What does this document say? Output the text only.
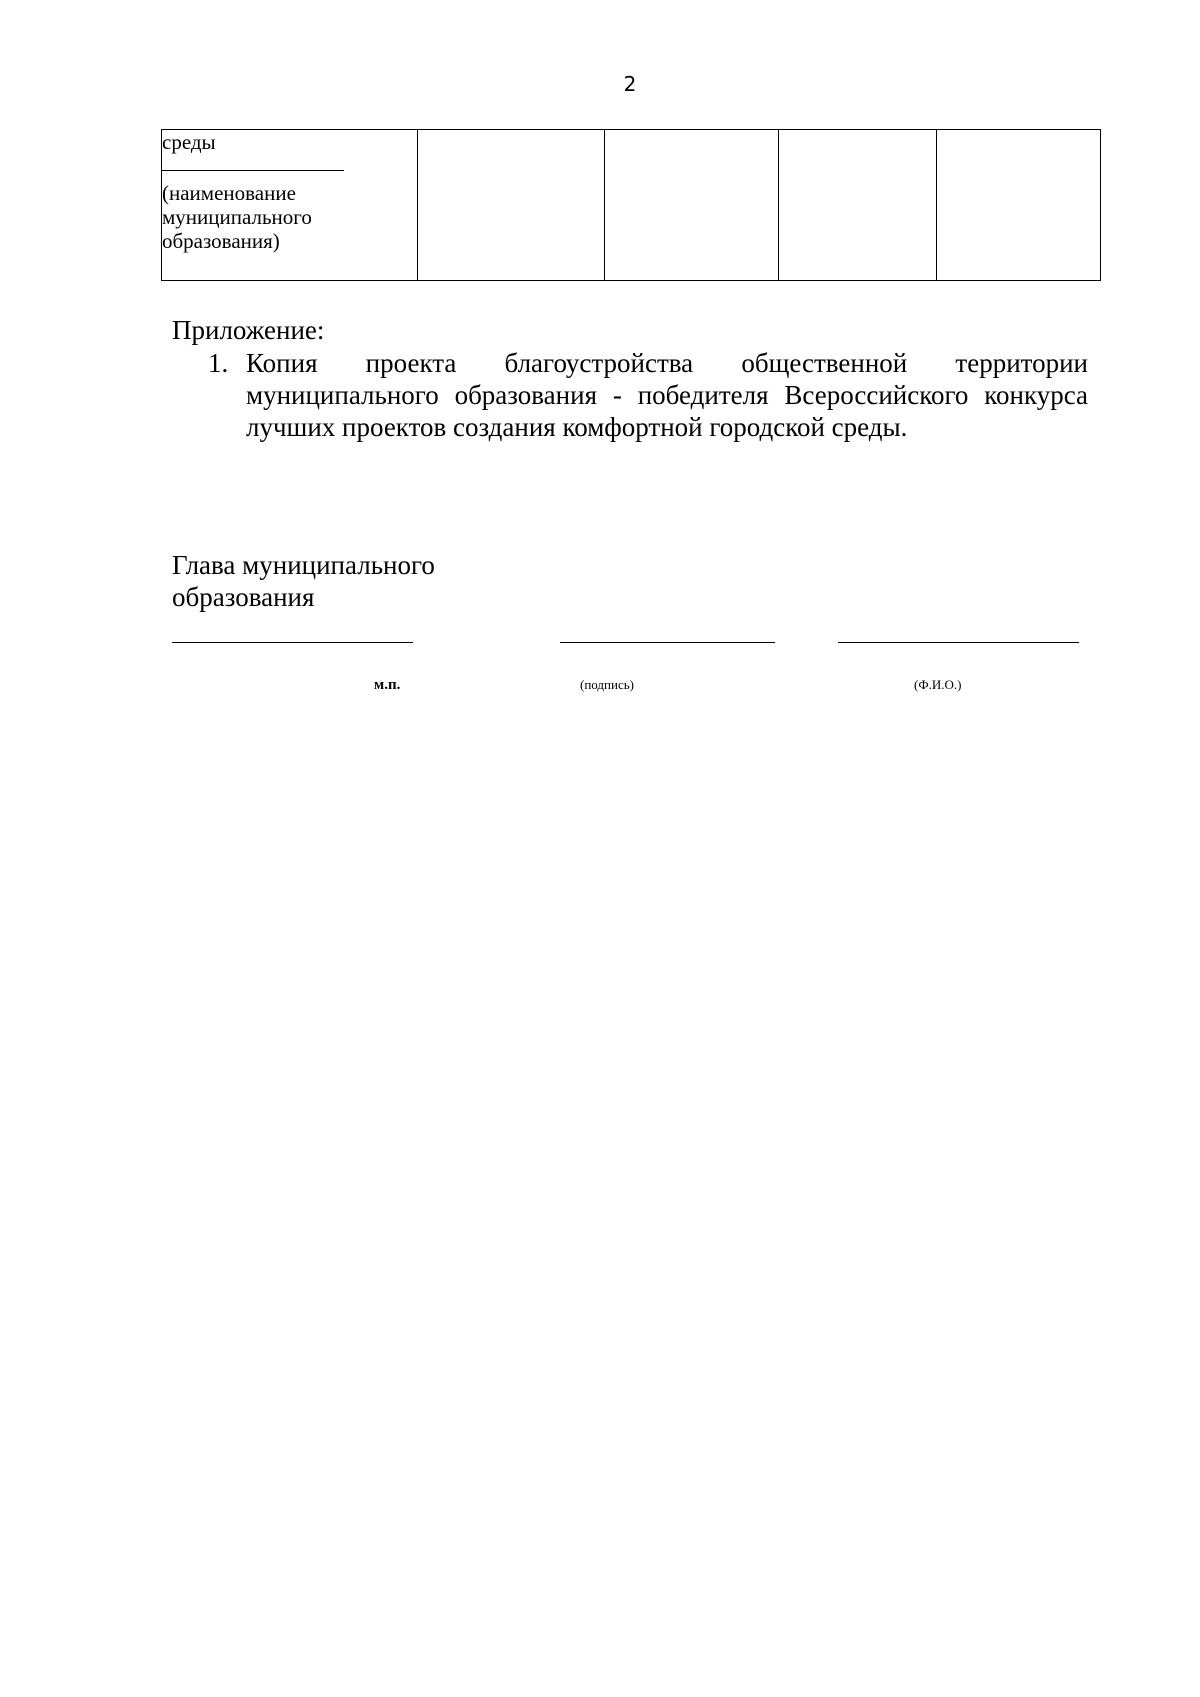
2
среды
(наименование муниципального образования)

Приложение:
1. Копия проекта благоустройства общественной территории муниципального образования - победителя Всероссийского конкурса лучших проектов создания комфортной городской среды.
Глава муниципального образования
м.п.	(подпись)	(Ф.И.О.)
